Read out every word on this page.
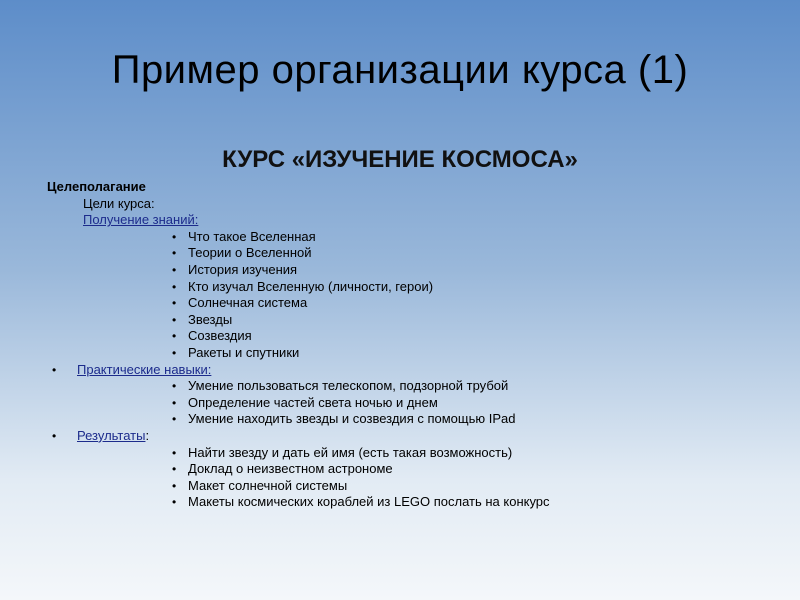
Пример организации курса (1)
КУРС «ИЗУЧЕНИЕ КОСМОСА»
Целеполагание
Цели курса:
Получение знаний:
• Что такое Вселенная
• Теории о Вселенной
• История изучения
• Кто изучал Вселенную (личности, герои)
• Солнечная система
• Звезды
• Созвездия
• Ракеты и спутники
• Практические навыки:
• Умение пользоваться телескопом, подзорной трубой
• Определение частей света ночью и днем
• Умение находить звезды и созвездия с помощью IPad
• Результаты:
• Найти звезду и дать ей имя (есть такая возможность)
• Доклад о неизвестном астрономе
• Макет солнечной системы
• Макеты космических кораблей из LEGO послать на конкурс
